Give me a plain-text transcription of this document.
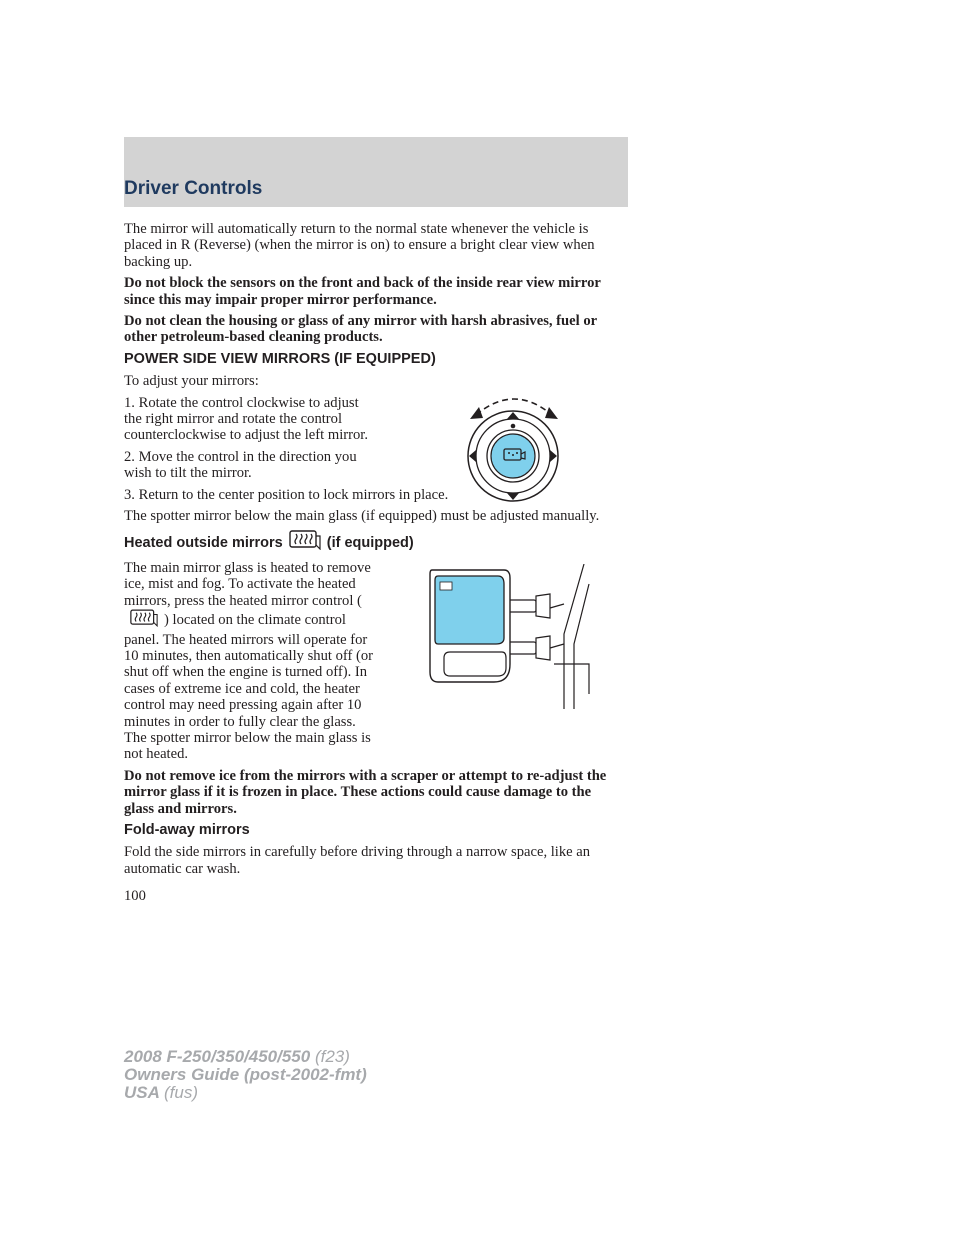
Driver Controls

The mirror will automatically return to the normal state whenever the vehicle is placed in R (Reverse) (when the mirror is on) to ensure a bright clear view when backing up.

Do not block the sensors on the front and back of the inside rear view mirror since this may impair proper mirror performance.

Do not clean the housing or glass of any mirror with harsh abrasives, fuel or other petroleum-based cleaning products.

POWER SIDE VIEW MIRRORS (IF EQUIPPED)

To adjust your mirrors:

1. Rotate the control clockwise to adjust the right mirror and rotate the control counterclockwise to adjust the left mirror.

2. Move the control in the direction you wish to tilt the mirror.

3. Return to the center position to lock mirrors in place.

The spotter mirror below the main glass (if equipped) must be adjusted manually.

Heated outside mirrors	(if equipped)

The main mirror glass is heated to remove ice, mist and fog. To activate the heated mirrors, press the heated mirror control () located on the climate control panel. The heated mirrors will operate for 10 minutes, then automatically shut off (or shut off when the engine is turned off). In cases of extreme ice and cold, the heater control may need pressing again after 10 minutes in order to fully clear the glass. The spotter mirror below the main glass is not heated.

Do not remove ice from the mirrors with a scraper or attempt to re-adjust the mirror glass if it is frozen in place. These actions could cause damage to the glass and mirrors.

Fold-away mirrors

Fold the side mirrors in carefully before driving through a narrow space, like an automatic car wash.

100

2008 F-250/350/450/550 (f23)
Owners Guide (post-2002-fmt)
USA (fus)
